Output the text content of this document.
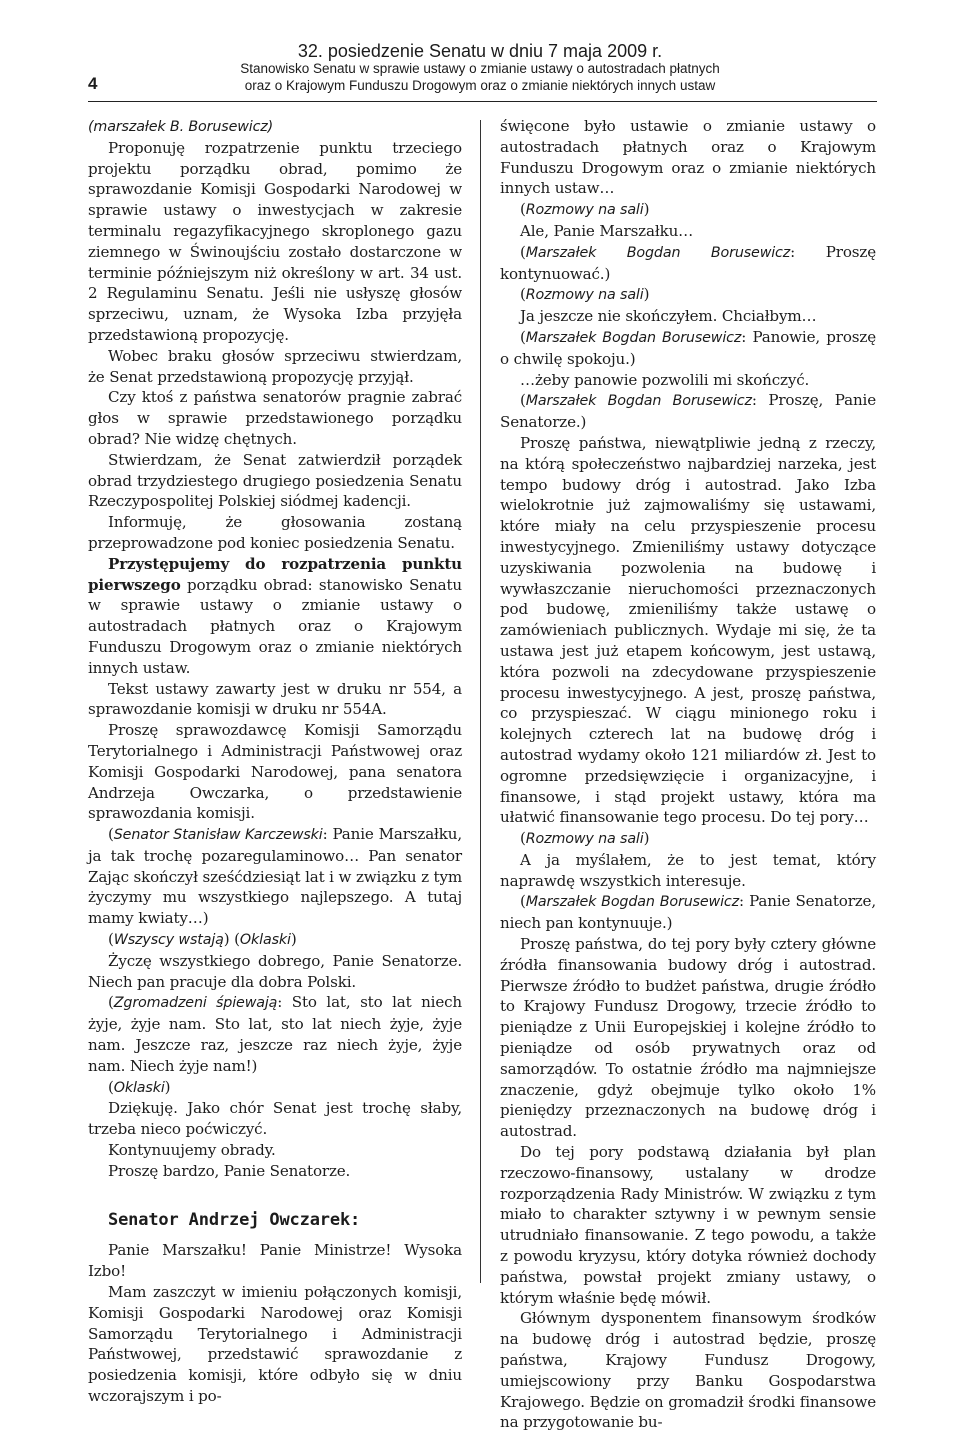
4
32. posiedzenie Senatu w dniu 7 maja 2009 r.
Stanowisko Senatu w sprawie ustawy o zmianie ustawy o autostradach płatnych
oraz o Krajowym Funduszu Drogowym oraz o zmianie niektórych innych ustaw

(marszałek B. Borusewicz)

Proponuję rozpatrzenie punktu trzeciego projektu porządku obrad, pomimo że sprawozdanie Komisji Gospodarki Narodowej w sprawie ustawy o inwestycjach w zakresie terminalu regazyfikacyjnego skroplonego gazu ziemnego w Świnoujściu zostało dostarczone w terminie późniejszym niż określony w art. 34 ust. 2 Regulaminu Senatu. Jeśli nie usłyszę głosów sprzeciwu, uznam, że Wysoka Izba przyjęła przedstawioną propozycję.

Wobec braku głosów sprzeciwu stwierdzam, że Senat przedstawioną propozycję przyjął.

Czy ktoś z państwa senatorów pragnie zabrać głos w sprawie przedstawionego porządku obrad? Nie widzę chętnych.

Stwierdzam, że Senat zatwierdził porządek obrad trzydziestego drugiego posiedzenia Senatu Rzeczypospolitej Polskiej siódmej kadencji.

Informuję, że głosowania zostaną przeprowadzone pod koniec posiedzenia Senatu.

Przystępujemy do rozpatrzenia punktu pierwszego porządku obrad: stanowisko Senatu w sprawie ustawy o zmianie ustawy o autostradach płatnych oraz o Krajowym Funduszu Drogowym oraz o zmianie niektórych innych ustaw.

Tekst ustawy zawarty jest w druku nr 554, a sprawozdanie komisji w druku nr 554A.

Proszę sprawozdawcę Komisji Samorządu Terytorialnego i Administracji Państwowej oraz Komisji Gospodarki Narodowej, pana senatora Andrzeja Owczarka, o przedstawienie sprawozdania komisji.

(Senator Stanisław Karczewski: Panie Marszałku, ja tak trochę pozaregulaminowo… Pan senator Zając skończył sześćdziesiąt lat i w związku z tym życzymy mu wszystkiego najlepszego. A tutaj mamy kwiaty…)

(Wszyscy wstają) (Oklaski)

Życzę wszystkiego dobrego, Panie Senatorze. Niech pan pracuje dla dobra Polski.

(Zgromadzeni śpiewają: Sto lat, sto lat niech żyje, żyje nam. Sto lat, sto lat niech żyje, żyje nam. Jeszcze raz, jeszcze raz niech żyje, żyje nam. Niech żyje nam!)

(Oklaski)

Dziękuję. Jako chór Senat jest trochę słaby, trzeba nieco poćwiczyć.

Kontynuujemy obrady.

Proszę bardzo, Panie Senatorze.

Senator Andrzej Owczarek:

Panie Marszałku! Panie Ministrze! Wysoka Izbo!

Mam zaszczyt w imieniu połączonych komisji, Komisji Gospodarki Narodowej oraz Komisji Samorządu Terytorialnego i Administracji Państwowej, przedstawić sprawozdanie z posiedzenia komisji, które odbyło się w dniu wczorajszym i po-

święcone było ustawie o zmianie ustawy o autostradach płatnych oraz o Krajowym Funduszu Drogowym oraz o zmianie niektórych innych ustaw…

(Rozmowy na sali)

Ale, Panie Marszałku…

(Marszałek Bogdan Borusewicz: Proszę kontynuować.)

(Rozmowy na sali)

Ja jeszcze nie skończyłem. Chciałbym…

(Marszałek Bogdan Borusewicz: Panowie, proszę o chwilę spokoju.)

…żeby panowie pozwolili mi skończyć.

(Marszałek Bogdan Borusewicz: Proszę, Panie Senatorze.)

Proszę państwa, niewątpliwie jedną z rzeczy, na którą społeczeństwo najbardziej narzeka, jest tempo budowy dróg i autostrad. Jako Izba wielokrotnie już zajmowaliśmy się ustawami, które miały na celu przyspieszenie procesu inwestycyjnego. Zmieniliśmy ustawy dotyczące uzyskiwania pozwolenia na budowę i wywłaszczanie nieruchomości przeznaczonych pod budowę, zmieniliśmy także ustawę o zamówieniach publicznych. Wydaje mi się, że ta ustawa jest już etapem końcowym, jest ustawą, która pozwoli na zdecydowane przyspieszenie procesu inwestycyjnego. A jest, proszę państwa, co przyspieszać. W ciągu minionego roku i kolejnych czterech lat na budowę dróg i autostrad wydamy około 121 miliardów zł. Jest to ogromne przedsięwzięcie i organizacyjne, i finansowe, i stąd projekt ustawy, która ma ułatwić finansowanie tego procesu. Do tej pory…

(Rozmowy na sali)

A ja myślałem, że to jest temat, który naprawdę wszystkich interesuje.

(Marszałek Bogdan Borusewicz: Panie Senatorze, niech pan kontynuuje.)

Proszę państwa, do tej pory były cztery główne źródła finansowania budowy dróg i autostrad. Pierwsze źródło to budżet państwa, drugie źródło to Krajowy Fundusz Drogowy, trzecie źródło to pieniądze z Unii Europejskiej i kolejne źródło to pieniądze od osób prywatnych oraz od samorządów. To ostatnie źródło ma najmniejsze znaczenie, gdyż obejmuje tylko około 1% pieniędzy przeznaczonych na budowę dróg i autostrad.

Do tej pory podstawą działania był plan rzeczowo-finansowy, ustalany w drodze rozporządzenia Rady Ministrów. W związku z tym miało to charakter sztywny i w pewnym sensie utrudniało finansowanie. Z tego powodu, a także z powodu kryzysu, który dotyka również dochody państwa, powstał projekt zmiany ustawy, o którym właśnie będę mówił.

Głównym dysponentem finansowym środków na budowę dróg i autostrad będzie, proszę państwa, Krajowy Fundusz Drogowy, umiejscowiony przy Banku Gospodarstwa Krajowego. Będzie on gromadził środki finansowe na przygotowanie bu-
